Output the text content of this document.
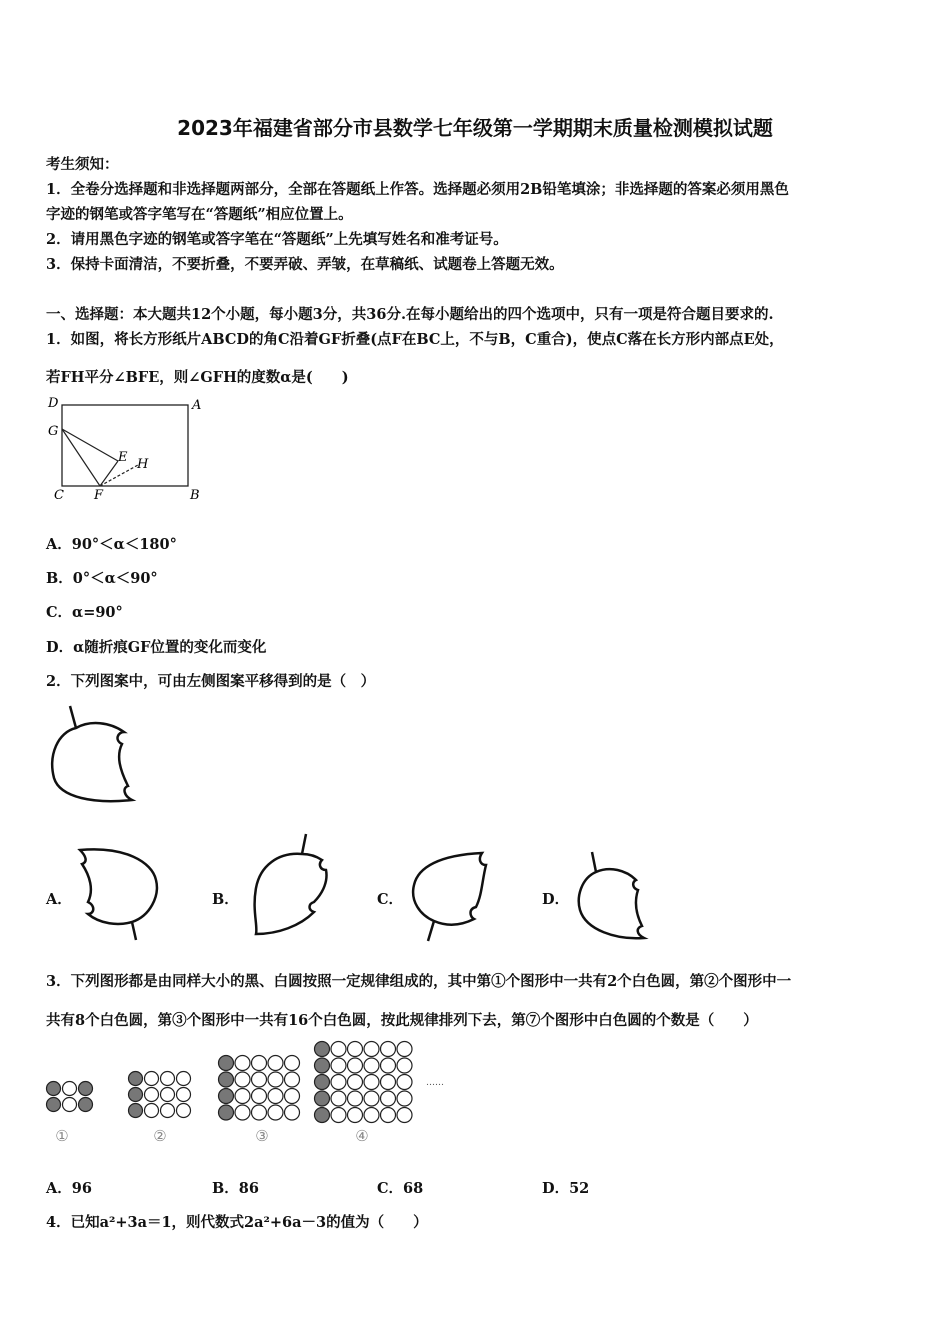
2023年福建省部分市县数学七年级第一学期期末质量检测模拟试题
考生须知：
1．全卷分选择题和非选择题两部分，全部在答题纸上作答。选择题必须用2B铅笔填涂；非选择题的答案必须用黑色
字迹的钢笔或答字笔写在“答题纸”相应位置上。
2．请用黑色字迹的钢笔或答字笔在“答题纸”上先填写姓名和准考证号。
3．保持卡面清洁，不要折叠，不要弄破、弄皱，在草稿纸、试题卷上答题无效。
一、选择题：本大题共12个小题，每小题3分，共36分.在每小题给出的四个选项中，只有一项是符合题目要求的.
1．如图，将长方形纸片ABCD的角C沿着GF折叠(点F在BC上，不与B，C重合)，使点C落在长方形内部点E处，
若FH平分∠BFE，则∠GFH的度数α是(　　)
D	A
G
E H
C F	B
A．90°＜α＜180°
B．0°＜α＜90°
C．α=90°
D．α随折痕GF位置的变化而变化
2．下列图案中，可由左侧图案平移得到的是（　）
A．	B．	C．	D．
3．下列图形都是由同样大小的黑、白圆按照一定规律组成的，其中第①个图形中一共有2个白色圆，第②个图形中一
共有8个白色圆，第③个图形中一共有16个白色圆，按此规律排列下去，第⑦个图形中白色圆的个数是（　　）
①	②	③	④
……
A．96	B．86	C．68	D．52
4．已知a²+3a＝1，则代数式2a²+6a－3的值为（　　）
